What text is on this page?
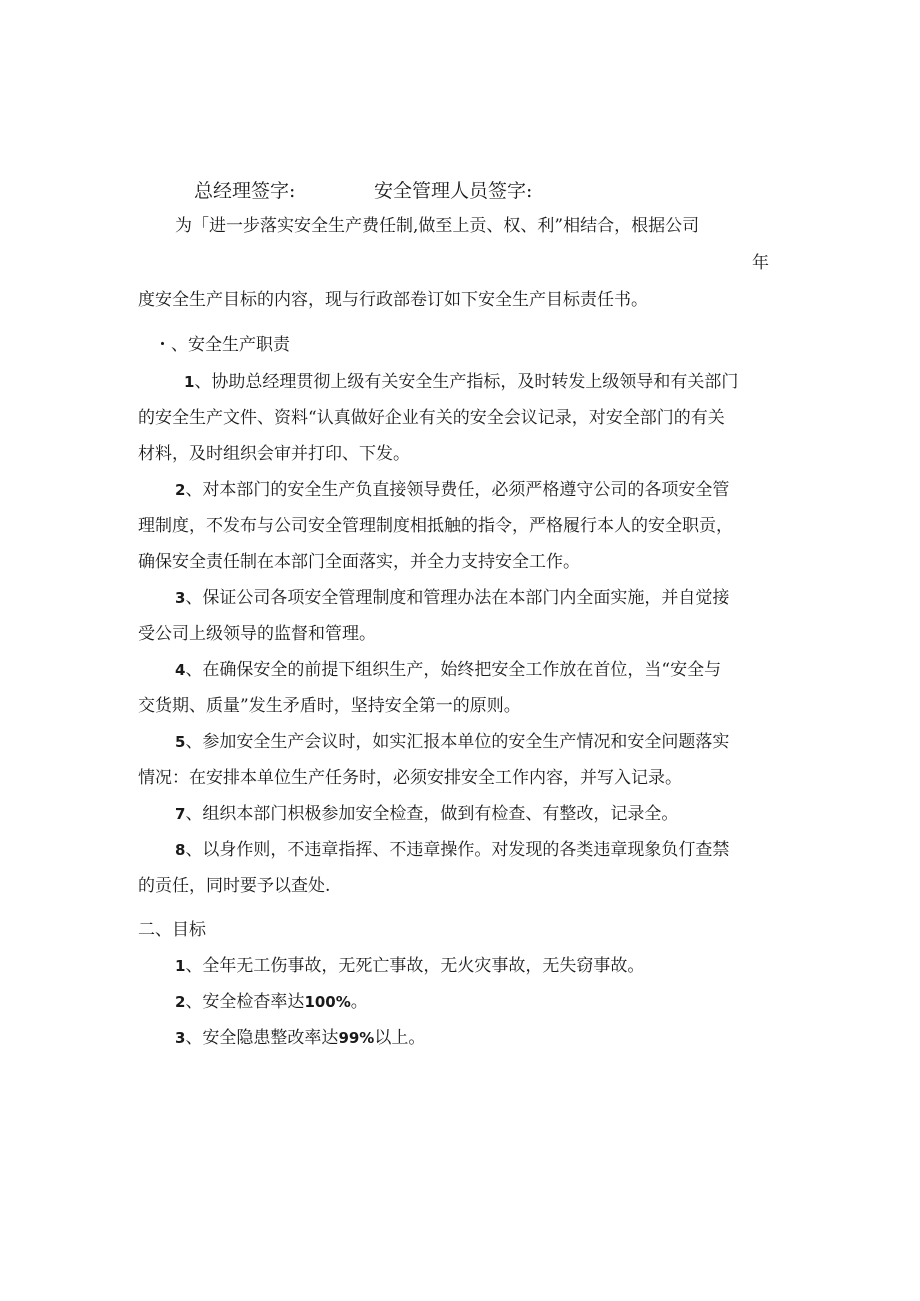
总经理签字:	安全管理人员签字:
为「进一步落实安全生产费任制,做至上贡、权、利”相结合，根据公司
年
度安全生产目标的内容，现与行政部卷订如下安全生产目标责任书。
・、安全生产职责
1、协助总经理贯彻上级有关安全生产指标，及时转发上级领导和有关部门
的安全生产文件、资料“认真做好企业有关的安全会议记录，对安全部门的有关
材料，及时组织会审并打印、下发。
2、对本部门的安全生产负直接领导费任，必须严格遵守公司的各项安全管
理制度，不发布与公司安全管理制度相抵触的指令，严格履行本人的安全职贡，
确保安全责任制在本部门全面落实，并全力支持安全工作。
3、保证公司各项安全管理制度和管理办法在本部门内全面实施，并自觉接
受公司上级领导的监督和管理。
4、在确保安全的前提下组织生产，始终把安全工作放在首位，当“安全与
交货期、质量”发生矛盾时，坚持安全第一的原则。
5、参加安全生产会议时，如实汇报本单位的安全生产情况和安全问题落实
情况：在安排本单位生产任务时，必须安排安全工作内容，并写入记录。
7、组织本部门枳极参加安全检查，做到有检查、有整改，记录全。
8、以身作则，不违章指挥、不违章操作。对发现的各类违章现象负仃查禁
的贡任，同时要予以查处.
二、目标
1、全年无工伤事故，无死亡事故，无火灾事故，无失窃事故。
2、安全检杳率达100%。
3、安全隐患整改率达99%以上。
